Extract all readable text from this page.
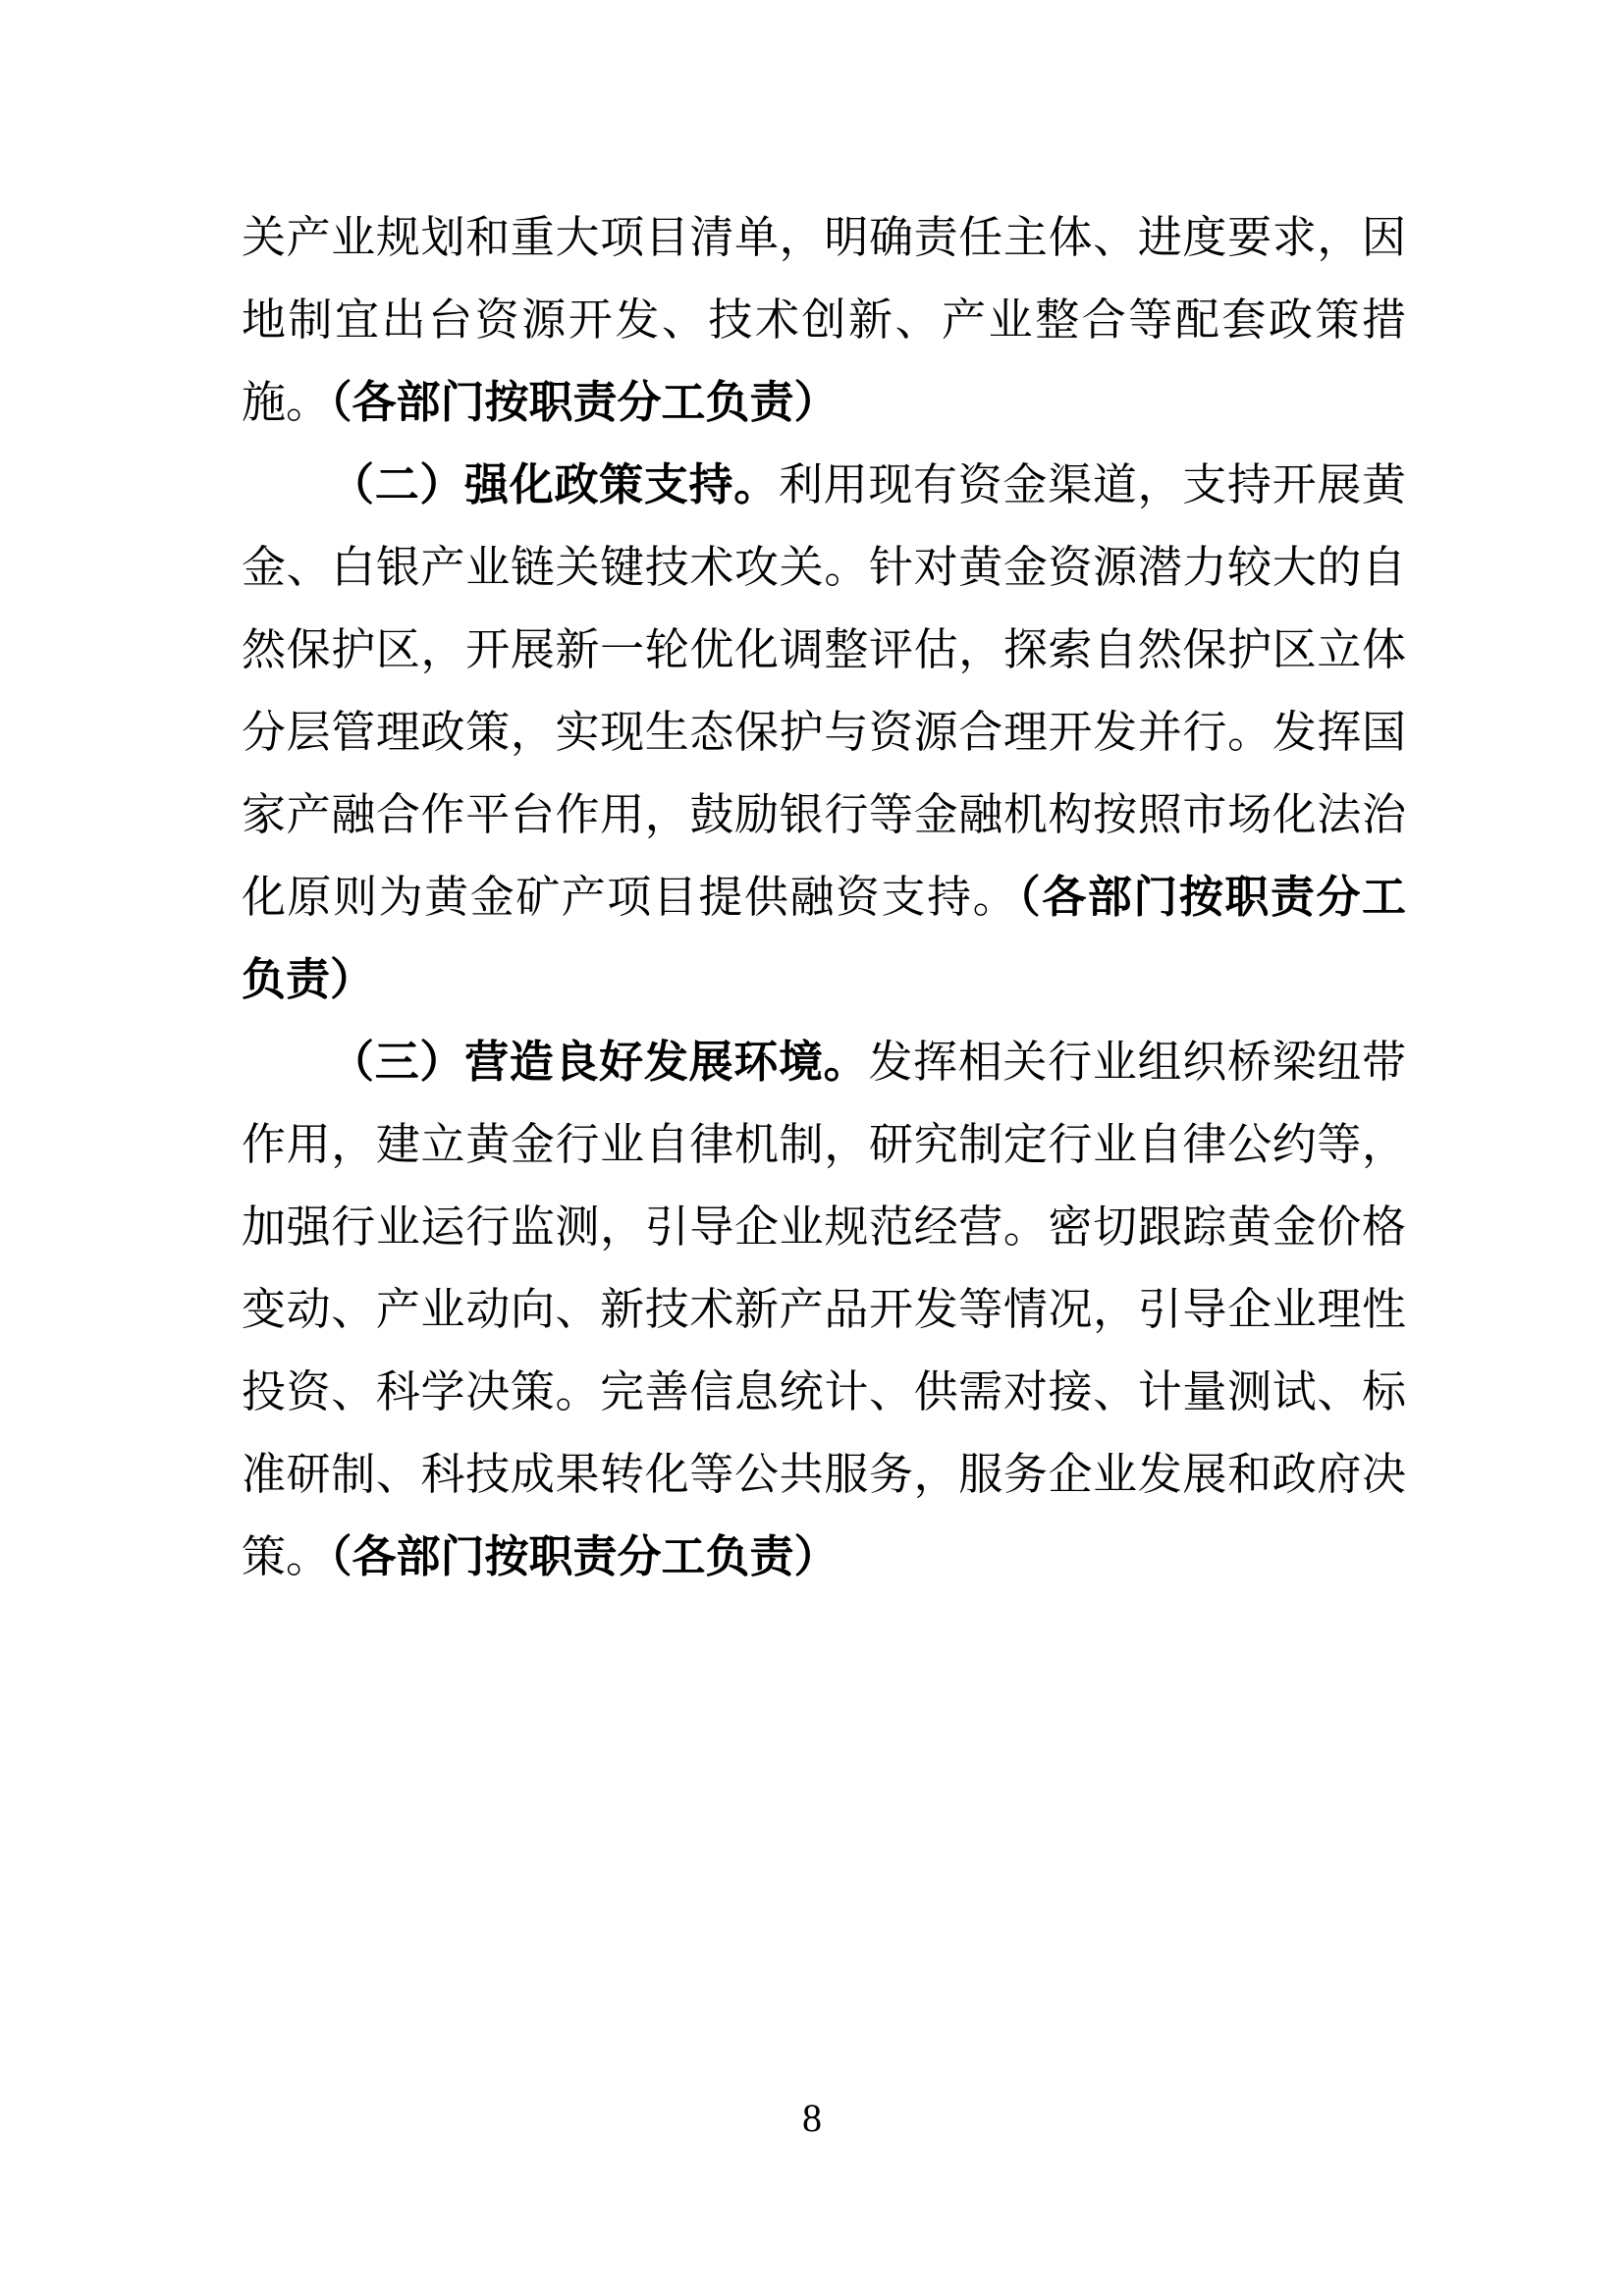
关产业规划和重大项目清单，明确责任主体、进度要求，因地制宜出台资源开发、技术创新、产业整合等配套政策措施。（各部门按职责分工负责）

（二）强化政策支持。利用现有资金渠道，支持开展黄金、白银产业链关键技术攻关。针对黄金资源潜力较大的自然保护区，开展新一轮优化调整评估，探索自然保护区立体分层管理政策，实现生态保护与资源合理开发并行。发挥国家产融合作平台作用，鼓励银行等金融机构按照市场化法治化原则为黄金矿产项目提供融资支持。（各部门按职责分工负责）

（三）营造良好发展环境。发挥相关行业组织桥梁纽带作用，建立黄金行业自律机制，研究制定行业自律公约等，加强行业运行监测，引导企业规范经营。密切跟踪黄金价格变动、产业动向、新技术新产品开发等情况，引导企业理性投资、科学决策。完善信息统计、供需对接、计量测试、标准研制、科技成果转化等公共服务，服务企业发展和政府决策。（各部门按职责分工负责）

8
